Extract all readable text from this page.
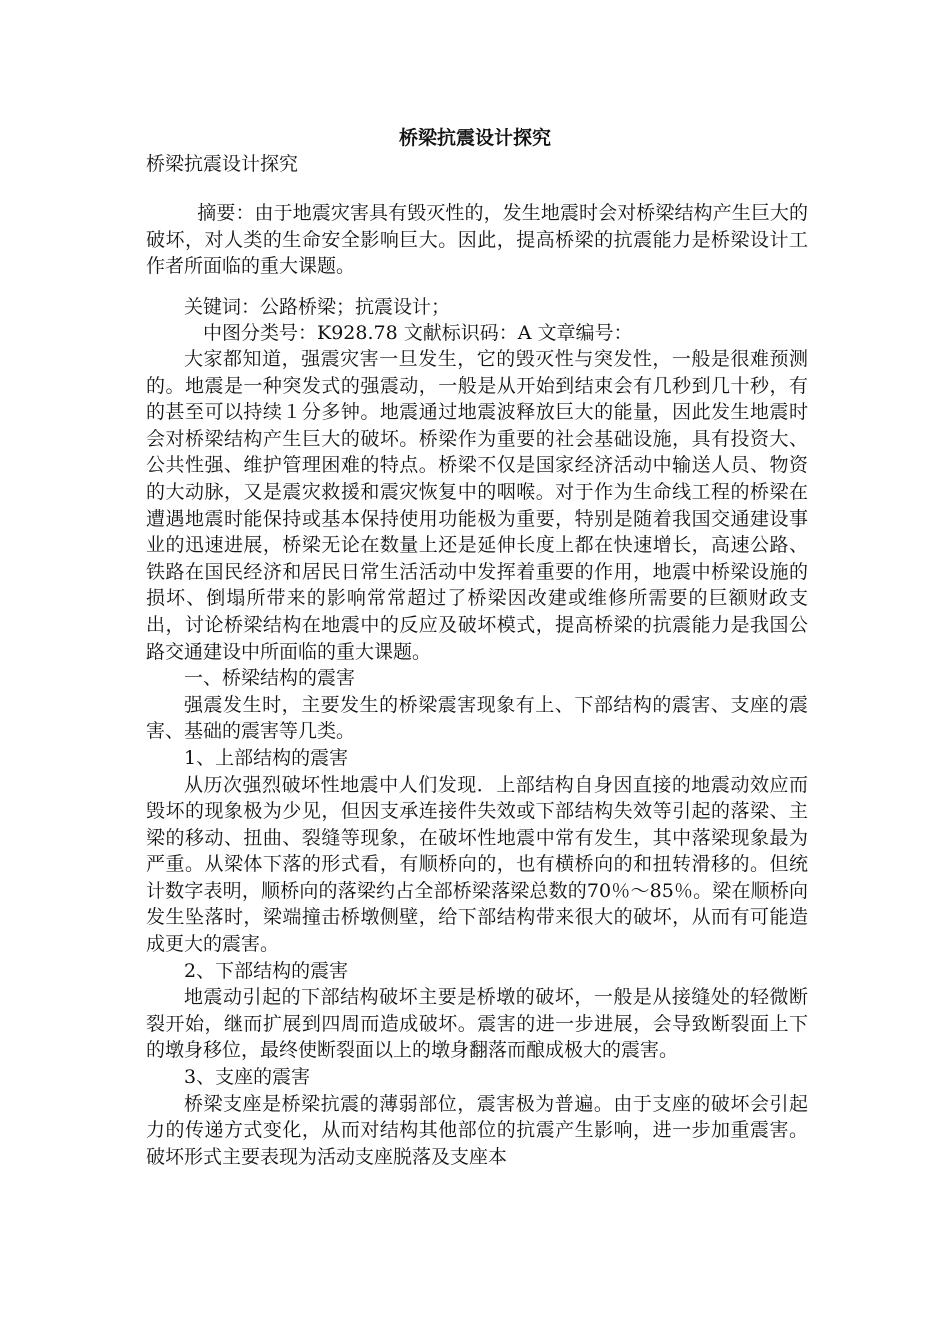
桥梁抗震设计探究
桥梁抗震设计探究

摘要：由于地震灾害具有毁灭性的，发生地震时会对桥梁结构产生巨大的破坏，对人类的生命安全影响巨大。因此，提高桥梁的抗震能力是桥梁设计工作者所面临的重大课题。

关键词：公路桥梁；抗震设计；

中图分类号：K928.78 文献标识码：A 文章编号：

大家都知道，强震灾害一旦发生，它的毁灭性与突发性，一般是很难预测的。地震是一种突发式的强震动，一般是从开始到结束会有几秒到几十秒，有的甚至可以持续１分多钟。地震通过地震波释放巨大的能量，因此发生地震时会对桥梁结构产生巨大的破坏。桥梁作为重要的社会基础设施，具有投资大、公共性强、维护管理困难的特点。桥梁不仅是国家经济活动中输送人员、物资的大动脉，又是震灾救援和震灾恢复中的咽喉。对于作为生命线工程的桥梁在遭遇地震时能保持或基本保持使用功能极为重要，特别是随着我国交通建设事业的迅速进展，桥梁无论在数量上还是延伸长度上都在快速增长，高速公路、铁路在国民经济和居民日常生活活动中发挥着重要的作用，地震中桥梁设施的损坏、倒塌所带来的影响常常超过了桥梁因改建或维修所需要的巨额财政支出，讨论桥梁结构在地震中的反应及破坏模式，提高桥梁的抗震能力是我国公路交通建设中所面临的重大课题。

一、桥梁结构的震害

强震发生时，主要发生的桥梁震害现象有上、下部结构的震害、支座的震害、基础的震害等几类。

1、上部结构的震害

从历次强烈破坏性地震中人们发现．上部结构自身因直接的地震动效应而毁坏的现象极为少见，但因支承连接件失效或下部结构失效等引起的落梁、主梁的移动、扭曲、裂缝等现象，在破坏性地震中常有发生，其中落梁现象最为严重。从梁体下落的形式看，有顺桥向的，也有横桥向的和扭转滑移的。但统计数字表明，顺桥向的落梁约占全部桥梁落梁总数的70％～85％。梁在顺桥向发生坠落时，梁端撞击桥墩侧壁，给下部结构带来很大的破坏，从而有可能造成更大的震害。

2、下部结构的震害

地震动引起的下部结构破坏主要是桥墩的破坏，一般是从接缝处的轻微断裂开始，继而扩展到四周而造成破坏。震害的进一步进展，会导致断裂面上下的墩身移位，最终使断裂面以上的墩身翻落而酿成极大的震害。

3、支座的震害

桥梁支座是桥梁抗震的薄弱部位，震害极为普遍。由于支座的破坏会引起力的传递方式变化，从而对结构其他部位的抗震产生影响，进一步加重震害。破坏形式主要表现为活动支座脱落及支座本
